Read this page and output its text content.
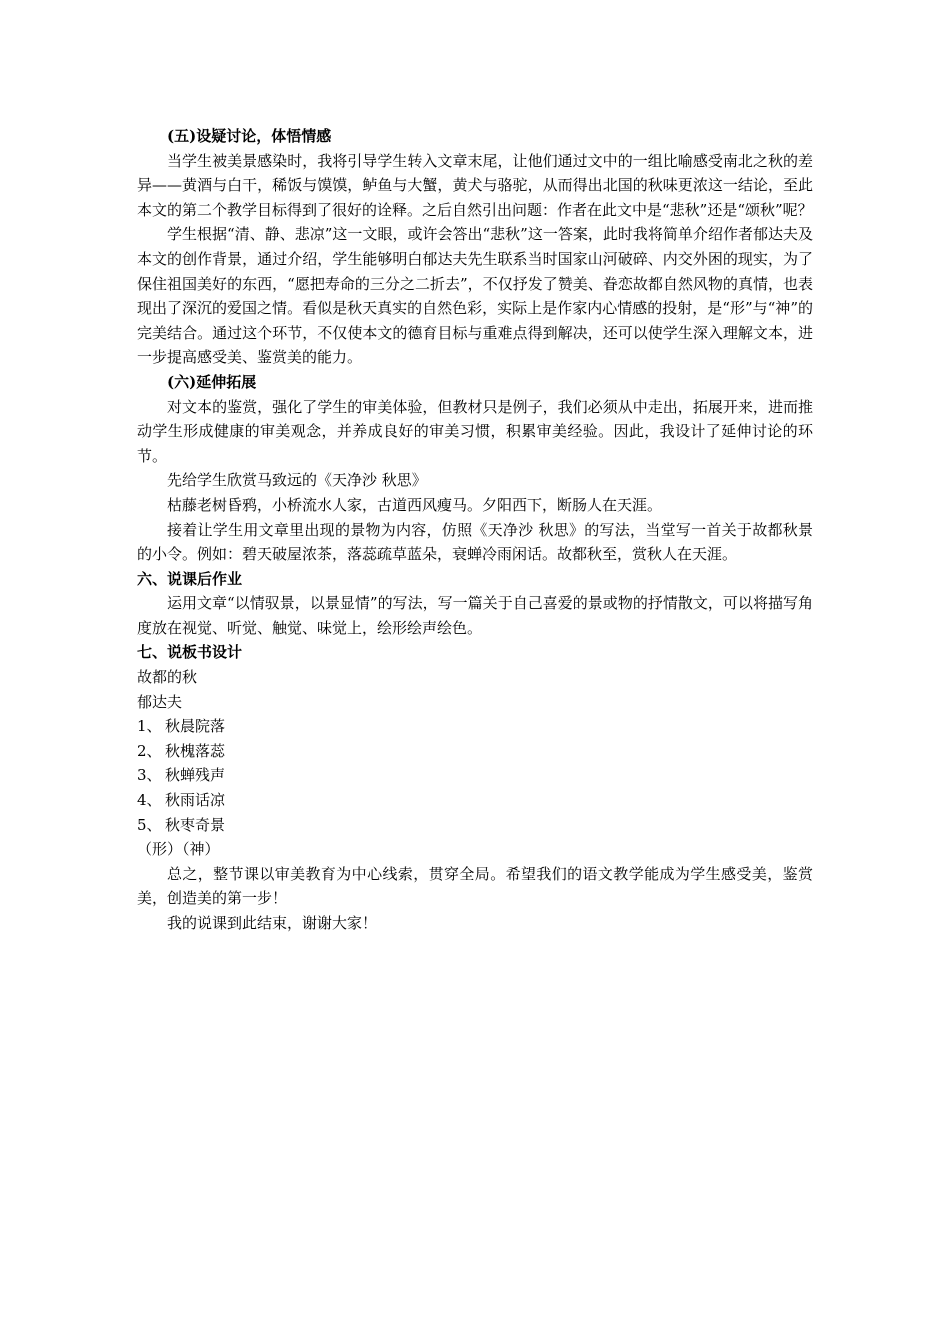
(五)设疑讨论，体悟情感

当学生被美景感染时，我将引导学生转入文章末尾，让他们通过文中的一组比喻感受南北之秋的差异——黄酒与白干，稀饭与馍馍，鲈鱼与大蟹，黄犬与骆驼，从而得出北国的秋味更浓这一结论，至此本文的第二个教学目标得到了很好的诠释。之后自然引出问题：作者在此文中是“悲秋”还是“颂秋”呢？

学生根据“清、静、悲凉”这一文眼，或许会答出“悲秋”这一答案，此时我将简单介绍作者郁达夫及本文的创作背景，通过介绍，学生能够明白郁达夫先生联系当时国家山河破碎、内交外困的现实，为了保住祖国美好的东西，“愿把寿命的三分之二折去”，不仅抒发了赞美、眷恋故都自然风物的真情，也表现出了深沉的爱国之情。看似是秋天真实的自然色彩，实际上是作家内心情感的投射，是“形”与“神”的完美结合。通过这个环节，不仅使本文的德育目标与重难点得到解决，还可以使学生深入理解文本，进一步提高感受美、鉴赏美的能力。

(六)延伸拓展

对文本的鉴赏，强化了学生的审美体验，但教材只是例子，我们必须从中走出，拓展开来，进而推动学生形成健康的审美观念，并养成良好的审美习惯，积累审美经验。因此，我设计了延伸讨论的环节。

先给学生欣赏马致远的《天净沙 秋思》

枯藤老树昏鸦，小桥流水人家，古道西风瘦马。夕阳西下，断肠人在天涯。

接着让学生用文章里出现的景物为内容，仿照《天净沙 秋思》的写法，当堂写一首关于故都秋景的小令。例如：碧天破屋浓茶，落蕊疏草蓝朵，衰蝉冷雨闲话。故都秋至，赏秋人在天涯。

六、说课后作业

运用文章“以情驭景，以景显情”的写法，写一篇关于自己喜爱的景或物的抒情散文，可以将描写角度放在视觉、听觉、触觉、味觉上，绘形绘声绘色。

七、说板书设计

故都的秋

郁达夫

1、 秋晨院落

2、 秋槐落蕊

3、 秋蝉残声

4、 秋雨话凉

5、 秋枣奇景

（形）（神）

总之，整节课以审美教育为中心线索，贯穿全局。希望我们的语文教学能成为学生感受美，鉴赏美，创造美的第一步！

我的说课到此结束，谢谢大家！
